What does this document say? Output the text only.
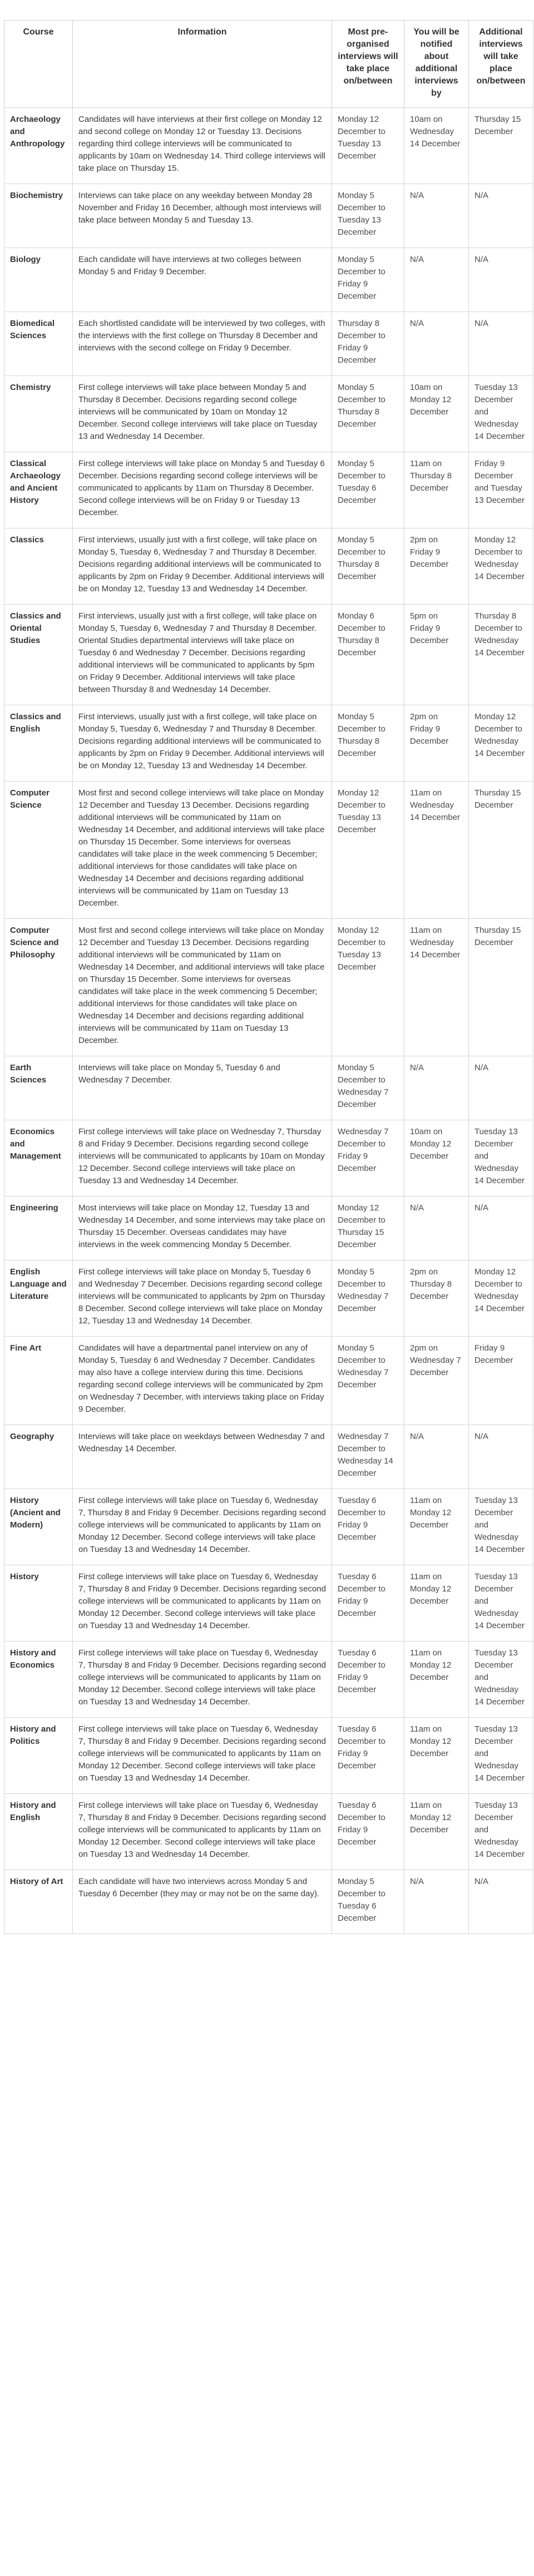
Course	Information	Most pre-organised interviews will take place on/between	You will be notified about additional interviews by	Additional interviews will take place on/between
Archaeology and Anthropology	Candidates will have interviews at their first college on Monday 12 and second college on Monday 12 or Tuesday 13. Decisions regarding third college interviews will be communicated to applicants by 10am on Wednesday 14. Third college interviews will take place on Thursday 15.	Monday 12 December to Tuesday 13 December	10am on Wednesday 14 December	Thursday 15 December
Biochemistry	Interviews can take place on any weekday between Monday 28 November and Friday 16 December, although most interviews will take place between Monday 5 and Tuesday 13.	Monday 5 December to Tuesday 13 December	N/A	N/A
Biology	Each candidate will have interviews at two colleges between Monday 5 and Friday 9 December.	Monday 5 December to Friday 9 December	N/A	N/A
Biomedical Sciences	Each shortlisted candidate will be interviewed by two colleges, with the interviews with the first college on Thursday 8 December and interviews with the second college on Friday 9 December.	Thursday 8 December to Friday 9 December	N/A	N/A
Chemistry	First college interviews will take place between Monday 5 and Thursday 8 December. Decisions regarding second college interviews will be communicated by 10am on Monday 12 December. Second college interviews will take place on Tuesday 13 and Wednesday 14 December.	Monday 5 December to Thursday 8 December	10am on Monday 12 December	Tuesday 13 December and Wednesday 14 December
Classical Archaeology and Ancient History	First college interviews will take place on Monday 5 and Tuesday 6 December. Decisions regarding second college interviews will be communicated to applicants by 11am on Thursday 8 December. Second college interviews will be on Friday 9 or Tuesday 13 December.	Monday 5 December to Tuesday 6 December	11am on Thursday 8 December	Friday 9 December and Tuesday 13 December
Classics	First interviews, usually just with a first college, will take place on Monday 5, Tuesday 6, Wednesday 7 and Thursday 8 December. Decisions regarding additional interviews will be communicated to applicants by 2pm on Friday 9 December. Additional interviews will be on Monday 12, Tuesday 13 and Wednesday 14 December.	Monday 5 December to Thursday 8 December	2pm on Friday 9 December	Monday 12 December to Wednesday 14 December
Classics and Oriental Studies	First interviews, usually just with a first college, will take place on Monday 5, Tuesday 6, Wednesday 7 and Thursday 8 December. Oriental Studies departmental interviews will take place on Tuesday 6 and Wednesday 7 December. Decisions regarding additional interviews will be communicated to applicants by 5pm on Friday 9 December. Additional interviews will take place between Thursday 8 and Wednesday 14 December.	Monday 6 December to Thursday 8 December	5pm on Friday 9 December	Thursday 8 December to Wednesday 14 December
Classics and English	First interviews, usually just with a first college, will take place on Monday 5, Tuesday 6, Wednesday 7 and Thursday 8 December. Decisions regarding additional interviews will be communicated to applicants by 2pm on Friday 9 December. Additional interviews will be on Monday 12, Tuesday 13 and Wednesday 14 December.	Monday 5 December to Thursday 8 December	2pm on Friday 9 December	Monday 12 December to Wednesday 14 December
Computer Science	Most first and second college interviews will take place on Monday 12 December and Tuesday 13 December. Decisions regarding additional interviews will be communicated by 11am on Wednesday 14 December, and additional interviews will take place on Thursday 15 December. Some interviews for overseas candidates will take place in the week commencing 5 December; additional interviews for those candidates will take place on Wednesday 14 December and decisions regarding additional interviews will be communicated by 11am on Tuesday 13 December.	Monday 12 December to Tuesday 13 December	11am on Wednesday 14 December	Thursday 15 December
Computer Science and Philosophy	Most first and second college interviews will take place on Monday 12 December and Tuesday 13 December. Decisions regarding additional interviews will be communicated by 11am on Wednesday 14 December, and additional interviews will take place on Thursday 15 December. Some interviews for overseas candidates will take place in the week commencing 5 December; additional interviews for those candidates will take place on Wednesday 14 December and decisions regarding additional interviews will be communicated by 11am on Tuesday 13 December.	Monday 12 December to Tuesday 13 December	11am on Wednesday 14 December	Thursday 15 December
Earth Sciences	Interviews will take place on Monday 5, Tuesday 6 and Wednesday 7 December.	Monday 5 December to Wednesday 7 December	N/A	N/A
Economics and Management	First college interviews will take place on Wednesday 7, Thursday 8 and Friday 9 December. Decisions regarding second college interviews will be communicated to applicants by 10am on Monday 12 December. Second college interviews will take place on Tuesday 13 and Wednesday 14 December.	Wednesday 7 December to Friday 9 December	10am on Monday 12 December	Tuesday 13 December and Wednesday 14 December
Engineering	Most interviews will take place on Monday 12, Tuesday 13 and Wednesday 14 December, and some interviews may take place on Thursday 15 December. Overseas candidates may have interviews in the week commencing Monday 5 December.	Monday 12 December to Thursday 15 December	N/A	N/A
English Language and Literature	First college interviews will take place on Monday 5, Tuesday 6 and Wednesday 7 December. Decisions regarding second college interviews will be communicated to applicants by 2pm on Thursday 8 December. Second college interviews will take place on Monday 12, Tuesday 13 and Wednesday 14 December.	Monday 5 December to Wednesday 7 December	2pm on Thursday 8 December	Monday 12 December to Wednesday 14 December
Fine Art	Candidates will have a departmental panel interview on any of Monday 5, Tuesday 6 and Wednesday 7 December. Candidates may also have a college interview during this time. Decisions regarding second college interviews will be communicated by 2pm on Wednesday 7 December, with interviews taking place on Friday 9 December.	Monday 5 December to Wednesday 7 December	2pm on Wednesday 7 December	Friday 9 December
Geography	Interviews will take place on weekdays between Wednesday 7 and Wednesday 14 December.	Wednesday 7 December to Wednesday 14 December	N/A	N/A
History (Ancient and Modern)	First college interviews will take place on Tuesday 6, Wednesday 7, Thursday 8 and Friday 9 December. Decisions regarding second college interviews will be communicated to applicants by 11am on Monday 12 December. Second college interviews will take place on Tuesday 13 and Wednesday 14 December.	Tuesday 6 December to Friday 9 December	11am on Monday 12 December	Tuesday 13 December and Wednesday 14 December
History	First college interviews will take place on Tuesday 6, Wednesday 7, Thursday 8 and Friday 9 December. Decisions regarding second college interviews will be communicated to applicants by 11am on Monday 12 December. Second college interviews will take place on Tuesday 13 and Wednesday 14 December.	Tuesday 6 December to Friday 9 December	11am on Monday 12 December	Tuesday 13 December and Wednesday 14 December
History and Economics	First college interviews will take place on Tuesday 6, Wednesday 7, Thursday 8 and Friday 9 December. Decisions regarding second college interviews will be communicated to applicants by 11am on Monday 12 December. Second college interviews will take place on Tuesday 13 and Wednesday 14 December.	Tuesday 6 December to Friday 9 December	11am on Monday 12 December	Tuesday 13 December and Wednesday 14 December
History and Politics	First college interviews will take place on Tuesday 6, Wednesday 7, Thursday 8 and Friday 9 December. Decisions regarding second college interviews will be communicated to applicants by 11am on Monday 12 December. Second college interviews will take place on Tuesday 13 and Wednesday 14 December.	Tuesday 6 December to Friday 9 December	11am on Monday 12 December	Tuesday 13 December and Wednesday 14 December
History and English	First college interviews will take place on Tuesday 6, Wednesday 7, Thursday 8 and Friday 9 December. Decisions regarding second college interviews will be communicated to applicants by 11am on Monday 12 December. Second college interviews will take place on Tuesday 13 and Wednesday 14 December.	Tuesday 6 December to Friday 9 December	11am on Monday 12 December	Tuesday 13 December and Wednesday 14 December
History of Art	Each candidate will have two interviews across Monday 5 and Tuesday 6 December (they may or may not be on the same day).	Monday 5 December to Tuesday 6 December	N/A	N/A
